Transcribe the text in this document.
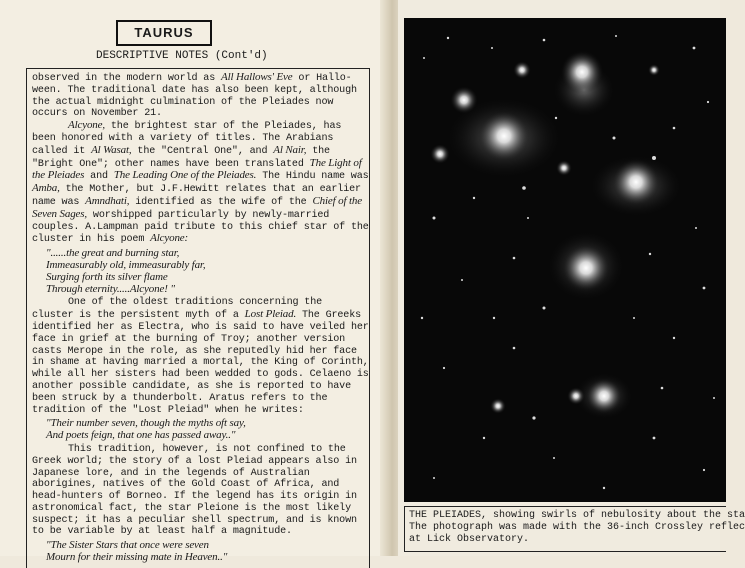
TAURUS
DESCRIPTIVE NOTES (Cont'd)

observed in the modern world as All Hallows' Eve or Hallo-ween. The traditional date has also been kept, although the actual midnight culmination of the Pleiades now occurs on November 21.

Alcyone, the brightest star of the Pleiades, has been honored with a variety of titles. The Arabians called it Al Wasat, the "Central One", and Al Nair, the "Bright One"; other names have been translated The Light of the Pleiades and The Leading One of the Pleiades. The Hindu name was Amba, the Mother, but J.F.Hewitt relates that an earlier name was Amndhati, identified as the wife of the Chief of the Seven Sages, worshipped particularly by newly-married couples. A.Lampman paid tribute to this chief star of the cluster in his poem Alcyone:

"......the great and burning star,
Immeasurably old, immeasurably far,
Surging forth its silver flame
Through eternity.....Alcyone! "

One of the oldest traditions concerning the cluster is the persistent myth of a Lost Pleiad. The Greeks identified her as Electra, who is said to have veiled her face in grief at the burning of Troy; another version casts Merope in the role, as she reputedly hid her face in shame at having married a mortal, the King of Corinth, while all her sisters had been wedded to gods. Celaeno is another possible candidate, as she is reported to have been struck by a thunderbolt. Aratus refers to the tradition of the "Lost Pleiad" when he writes:

"Their number seven, though the myths oft say,
And poets feign, that one has passed away.."

This tradition, however, is not confined to the Greek world; the story of a lost Pleiad appears also in Japanese lore, and in the legends of Australian aborigines, natives of the Gold Coast of Africa, and head-hunters of Borneo. If the legend has its origin in astronomical fact, the star Pleione is the most likely suspect; it has a peculiar shell spectrum, and is known to be variable by at least half a magnitude.

"The Sister Stars that once were seven
Mourn for their missing mate in Heaven.."

THE PLEIADES, showing swirls of nebulosity about the sta
The photograph was made with the 36-inch Crossley reflec
at Lick Observatory.
